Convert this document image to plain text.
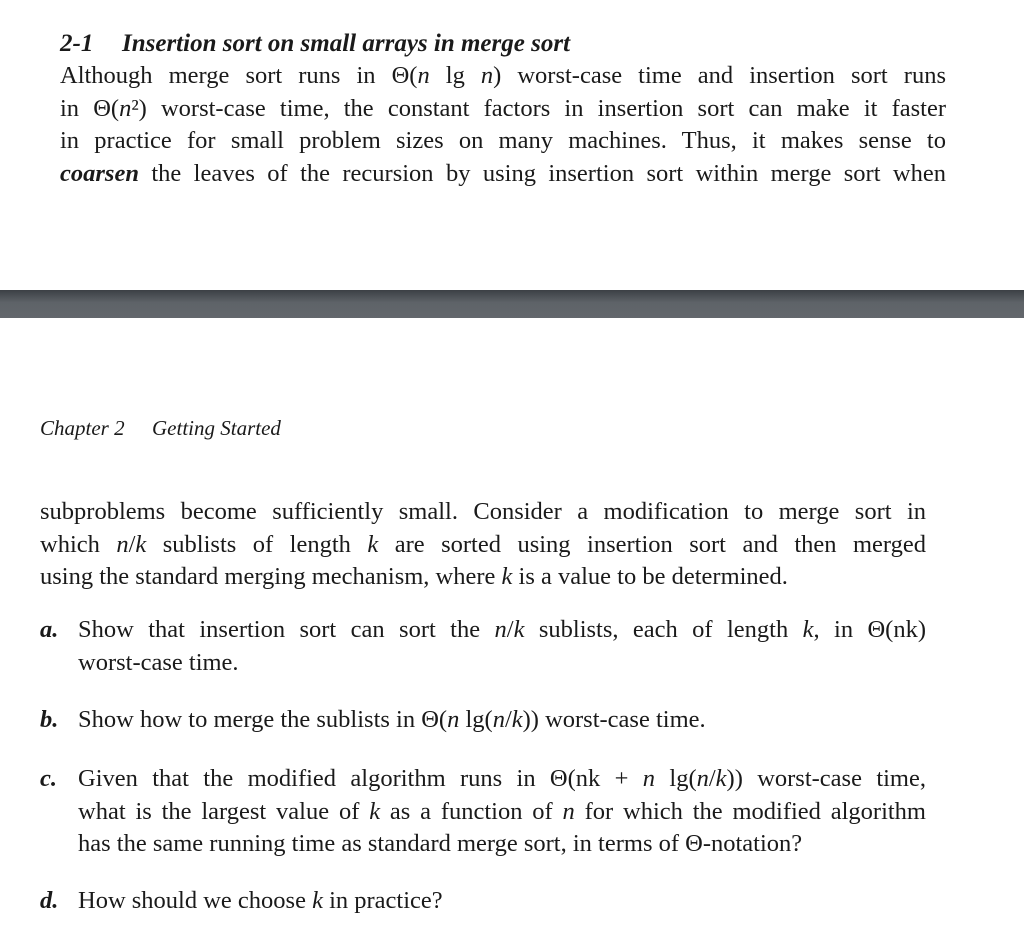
2-1 Insertion sort on small arrays in merge sort
Although merge sort runs in Θ(n lg n) worst-case time and insertion sort runs
in Θ(n²) worst-case time, the constant factors in insertion sort can make it faster
in practice for small problem sizes on many machines. Thus, it makes sense to
coarsen the leaves of the recursion by using insertion sort within merge sort when
Chapter 2 Getting Started
subproblems become sufficiently small. Consider a modification to merge sort in
which n/k sublists of length k are sorted using insertion sort and then merged
using the standard merging mechanism, where k is a value to be determined.
a. Show that insertion sort can sort the n/k sublists, each of length k, in Θ(nk)
worst-case time.
b. Show how to merge the sublists in Θ(n lg(n/k)) worst-case time.
c. Given that the modified algorithm runs in Θ(nk + n lg(n/k)) worst-case time,
what is the largest value of k as a function of n for which the modified algorithm
has the same running time as standard merge sort, in terms of Θ-notation?
d. How should we choose k in practice?
